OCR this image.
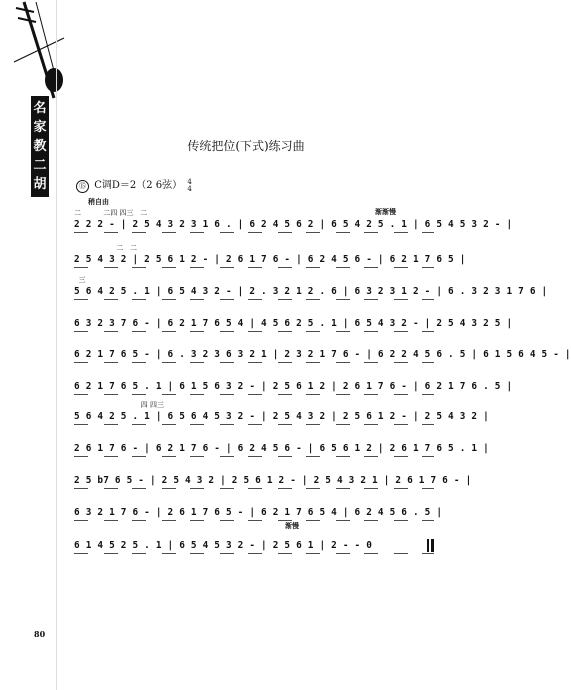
名
家
教
二
胡
传统把位(下式)练习曲
⑮ C调D＝2（2 6弦） 4
4
稍自由
渐渐慢
渐慢
二          二四 四三   二
2 2 2 - | 2 5 4 3 2 3 1 6 . | 6 2 4 5 6 2 | 6 5 4 2 5 . 1 | 6 5 4 5 3 2 - |
二   二
2 5 4 3 2 | 2 5 6 1 2 - | 2 6 1 7 6 - | 6 2 4 5 6 - | 6 2 1 7 6 5 |
三
5 6 4 2 5 . 1 | 6 5 4 3 2 - | 2 . 3 2 1 2 . 6 | 6 3 2 3 1 2 - | 6 . 3 2 3 1 7 6 |
6 3 2 3 7 6 - | 6 2 1 7 6 5 4 | 4 5 6 2 5 . 1 | 6 5 4 3 2 - | 2 5 4 3 2 5 |
6 2 1 7 6 5 - | 6 . 3 2 3 6 3 2 1 | 2 3 2 1 7 6 - | 6 2 2 4 5 6 . 5 | 6 1 5 6 4 5 - |
6 2 1 7 6 5 . 1 | 6 1 5 6 3 2 - | 2 5 6 1 2 | 2 6 1 7 6 - | 6 2 1 7 6 . 5 |
四 四三
5 6 4 2 5 . 1 | 6 5 6 4 5 3 2 - | 2 5 4 3 2 | 2 5 6 1 2 - | 2 5 4 3 2 |
2 6 1 7 6 - | 6 2 1 7 6 - | 6 2 4 5 6 - | 6 5 6 1 2 | 2 6 1 7 6 5 . 1 |
2 5 b7 6 5 - | 2 5 4 3 2 | 2 5 6 1 2 - | 2 5 4 3 2 1 | 2 6 1 7 6 - |
6 3 2 1 7 6 - | 2 6 1 7 6 5 - | 6 2 1 7 6 5 4 | 6 2 4 5 6 . 5 |
6 1 4 5 2 5 . 1 | 6 5 4 5 3 2 - | 2 5 6 1 | 2 - - 0
80
